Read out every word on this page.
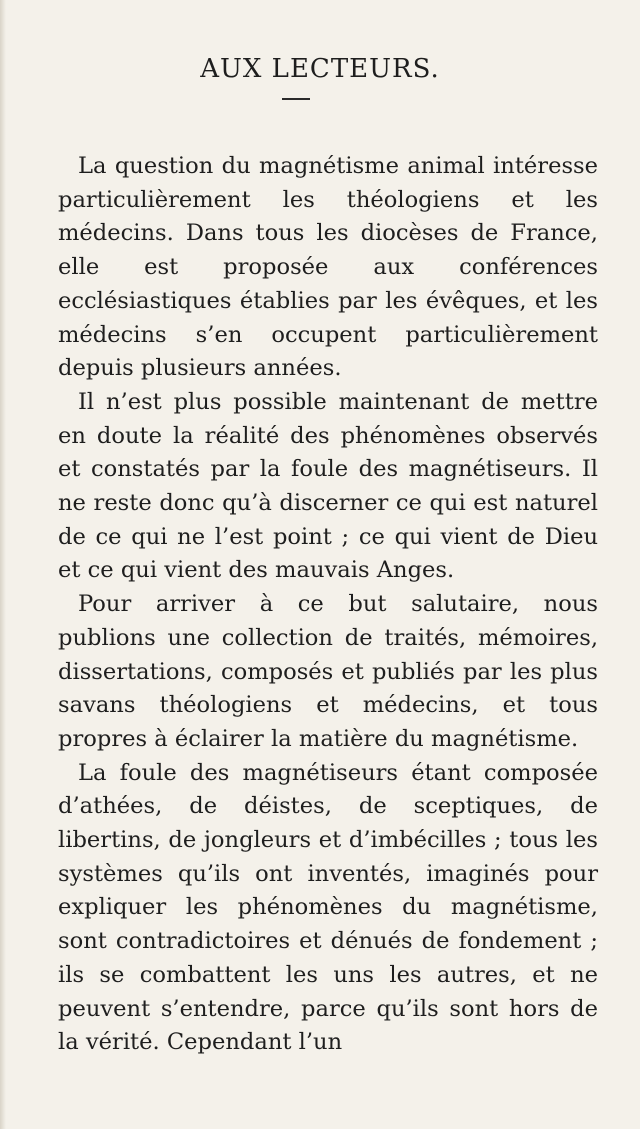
AUX LECTEURS.

La question du magnétisme animal intéresse particulièrement les théologiens et les médecins. Dans tous les diocèses de France, elle est proposée aux conférences ecclésiastiques établies par les évêques, et les médecins s’en occupent particulièrement depuis plusieurs années.

Il n’est plus possible maintenant de mettre en doute la réalité des phénomènes observés et constatés par la foule des magnétiseurs. Il ne reste donc qu’à discerner ce qui est naturel de ce qui ne l’est point ; ce qui vient de Dieu et ce qui vient des mauvais Anges.

Pour arriver à ce but salutaire, nous publions une collection de traités, mémoires, dissertations, composés et publiés par les plus savans théologiens et médecins, et tous propres à éclairer la matière du magnétisme.

La foule des magnétiseurs étant composée d’athées, de déistes, de sceptiques, de libertins, de jongleurs et d’imbécilles ; tous les systèmes qu’ils ont inventés, imaginés pour expliquer les phénomènes du magnétisme, sont contradictoires et dénués de fondement ; ils se combattent les uns les autres, et ne peuvent s’entendre, parce qu’ils sont hors de la vérité. Cependant l’un
